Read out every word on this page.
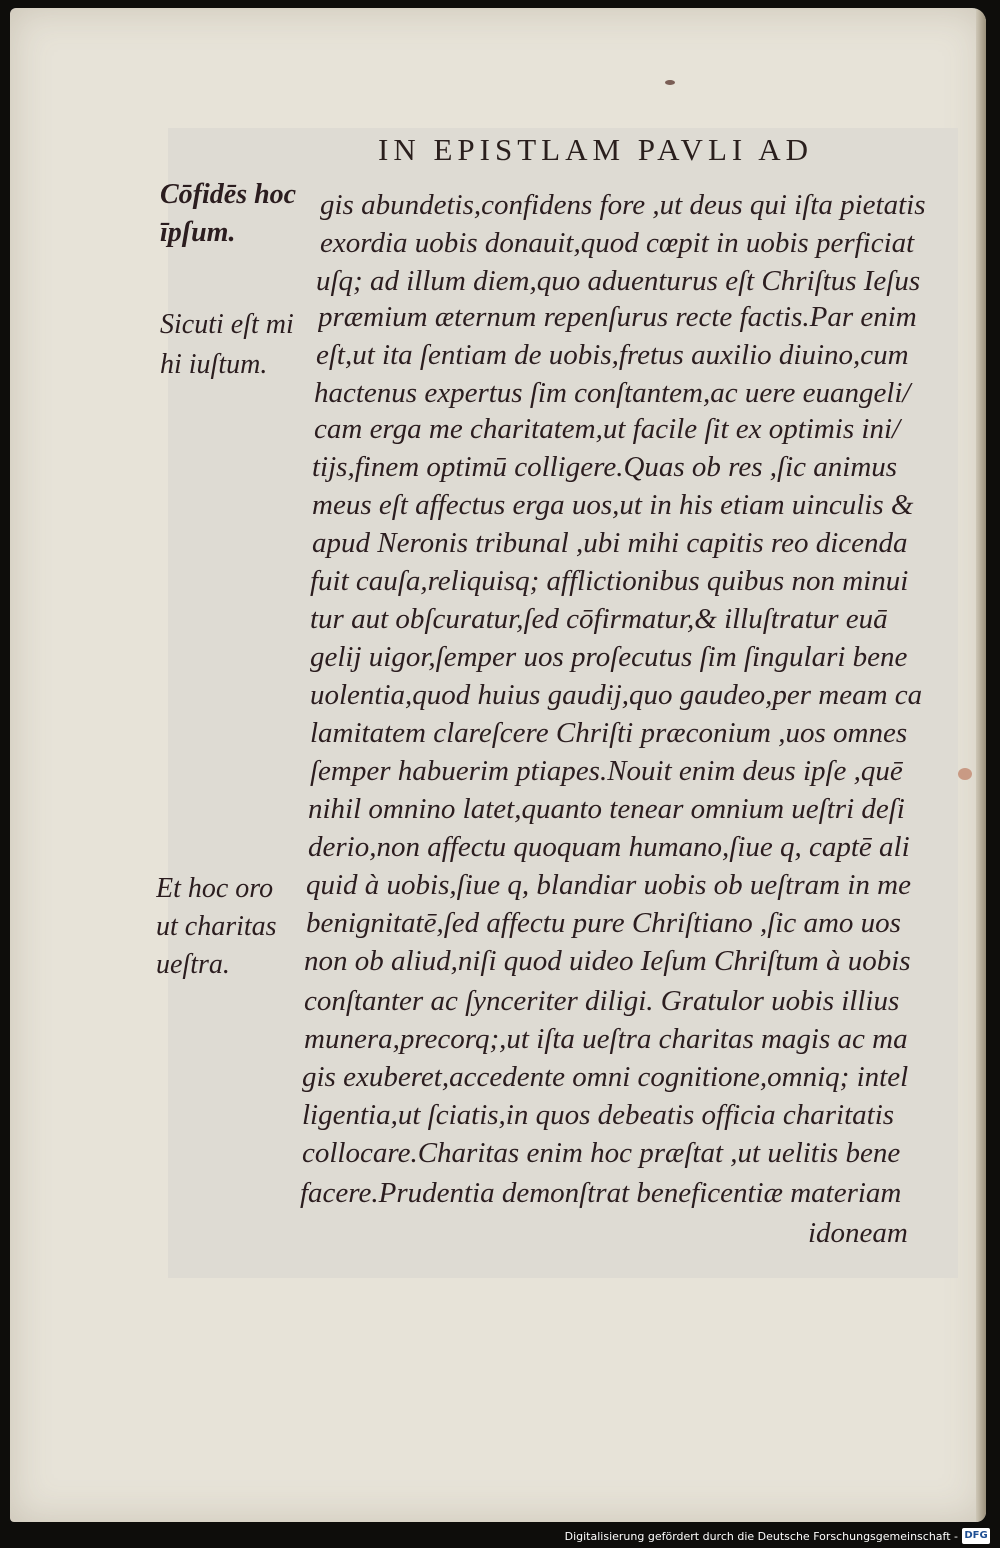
IN EPISTLAM PAVLI AD
Cōfidēs hoc
īpſum.
Sicuti eſt mi
hi iuſtum.
Et hoc oro
ut charitas
ueſtra.
gis abundetis,confidens fore ,ut deus qui iſta pietatis
exordia uobis donauit,quod cœpit in uobis perficiat
uſq; ad illum diem,quo aduenturus eſt Chriſtus Ieſus
præmium æternum repenſurus recte factis.Par enim
eſt,ut ita ſentiam de uobis,fretus auxilio diuino,cum
hactenus expertus ſim conſtantem,ac uere euangeli/
cam erga me charitatem,ut facile ſit ex optimis ini/
tijs,finem optimū colligere.Quas ob res ,ſic animus
meus eſt affectus erga uos,ut in his etiam uinculis &
apud Neronis tribunal ,ubi mihi capitis reo dicenda
fuit cauſa,reliquisq; afflictionibus quibus non minui
tur aut obſcuratur,ſed cōfirmatur,& illuſtratur euā
gelij uigor,ſemper uos proſecutus ſim ſingulari bene
uolentia,quod huius gaudij,quo gaudeo,per meam ca
lamitatem clareſcere Chriſti præconium ,uos omnes
ſemper habuerim ptiapes.Nouit enim deus ipſe ,quē
nihil omnino latet,quanto tenear omnium ueſtri deſi
derio,non affectu quoquam humano,ſiue q, captē ali
quid à uobis,ſiue q, blandiar uobis ob ueſtram in me
benignitatē,ſed affectu pure Chriſtiano ,ſic amo uos
non ob aliud,niſi quod uideo Ieſum Chriſtum à uobis
conſtanter ac ſynceriter diligi. Gratulor uobis illius
munera,precorq;,ut iſta ueſtra charitas magis ac ma
gis exuberet,accedente omni cognitione,omniq; intel
ligentia,ut ſciatis,in quos debeatis officia charitatis
collocare.Charitas enim hoc præſtat ,ut uelitis bene
facere.Prudentia demonſtrat beneficentiæ materiam
idoneam
Digitalisierung gefördert durch die Deutsche Forschungsgemeinschaft - DFG
